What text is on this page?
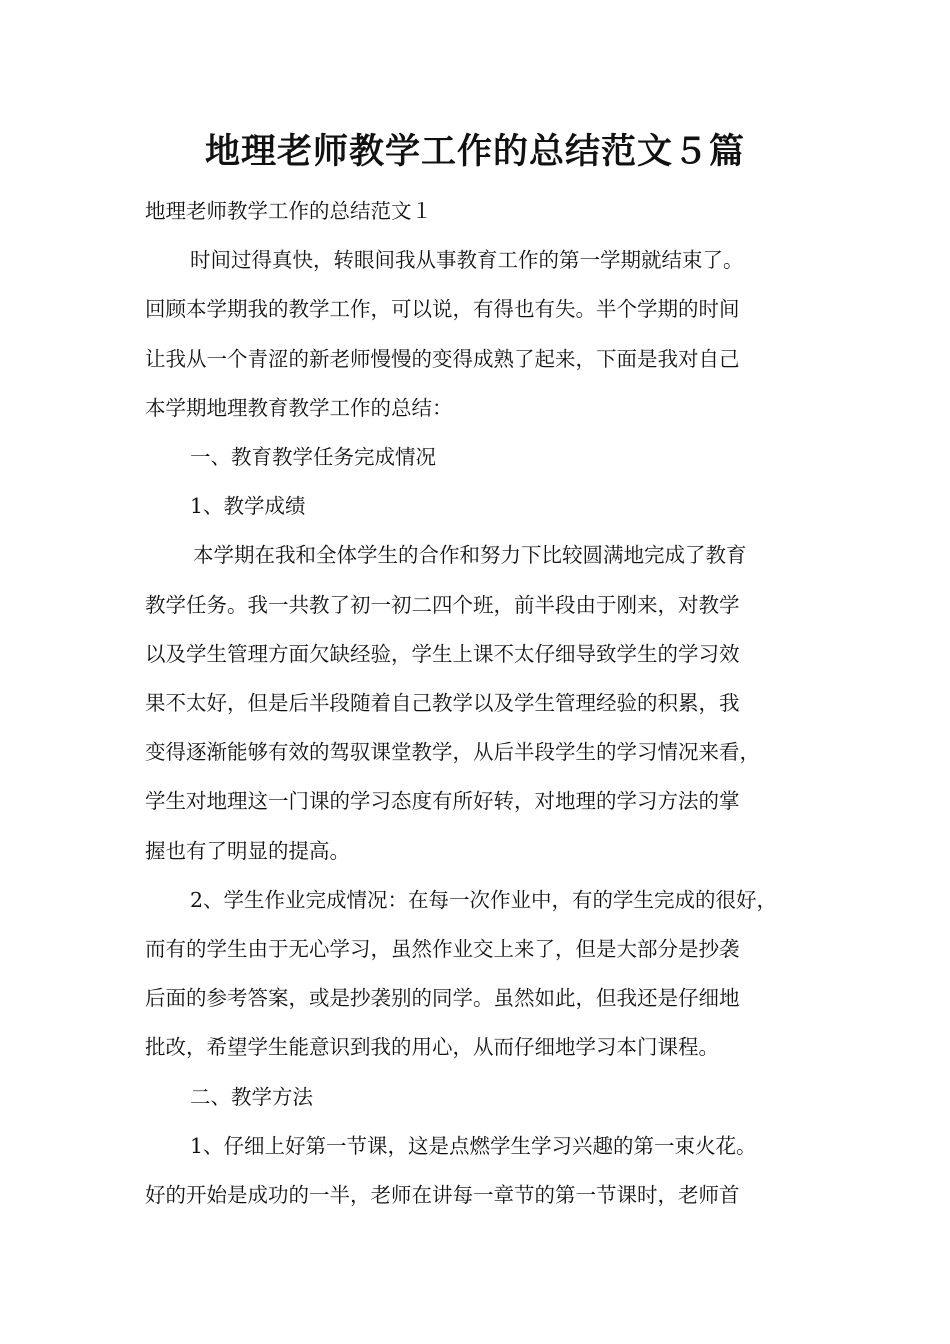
地理老师教学工作的总结范文５篇

地理老师教学工作的总结范文１

时间过得真快，转眼间我从事教育工作的第一学期就结束了。
回顾本学期我的教学工作，可以说，有得也有失。半个学期的时间
让我从一个青涩的新老师慢慢的变得成熟了起来，下面是我对自己
本学期地理教育教学工作的总结：

一、教育教学任务完成情况

1、教学成绩

本学期在我和全体学生的合作和努力下比较圆满地完成了教育
教学任务。我一共教了初一初二四个班，前半段由于刚来，对教学
以及学生管理方面欠缺经验，学生上课不太仔细导致学生的学习效
果不太好，但是后半段随着自己教学以及学生管理经验的积累，我
变得逐渐能够有效的驾驭课堂教学，从后半段学生的学习情况来看，
学生对地理这一门课的学习态度有所好转，对地理的学习方法的掌
握也有了明显的提高。

2、学生作业完成情况：在每一次作业中，有的学生完成的很好，
而有的学生由于无心学习，虽然作业交上来了，但是大部分是抄袭
后面的参考答案，或是抄袭别的同学。虽然如此，但我还是仔细地
批改，希望学生能意识到我的用心，从而仔细地学习本门课程。

二、教学方法

1、仔细上好第一节课，这是点燃学生学习兴趣的第一束火花。
好的开始是成功的一半，老师在讲每一章节的第一节课时，老师首
